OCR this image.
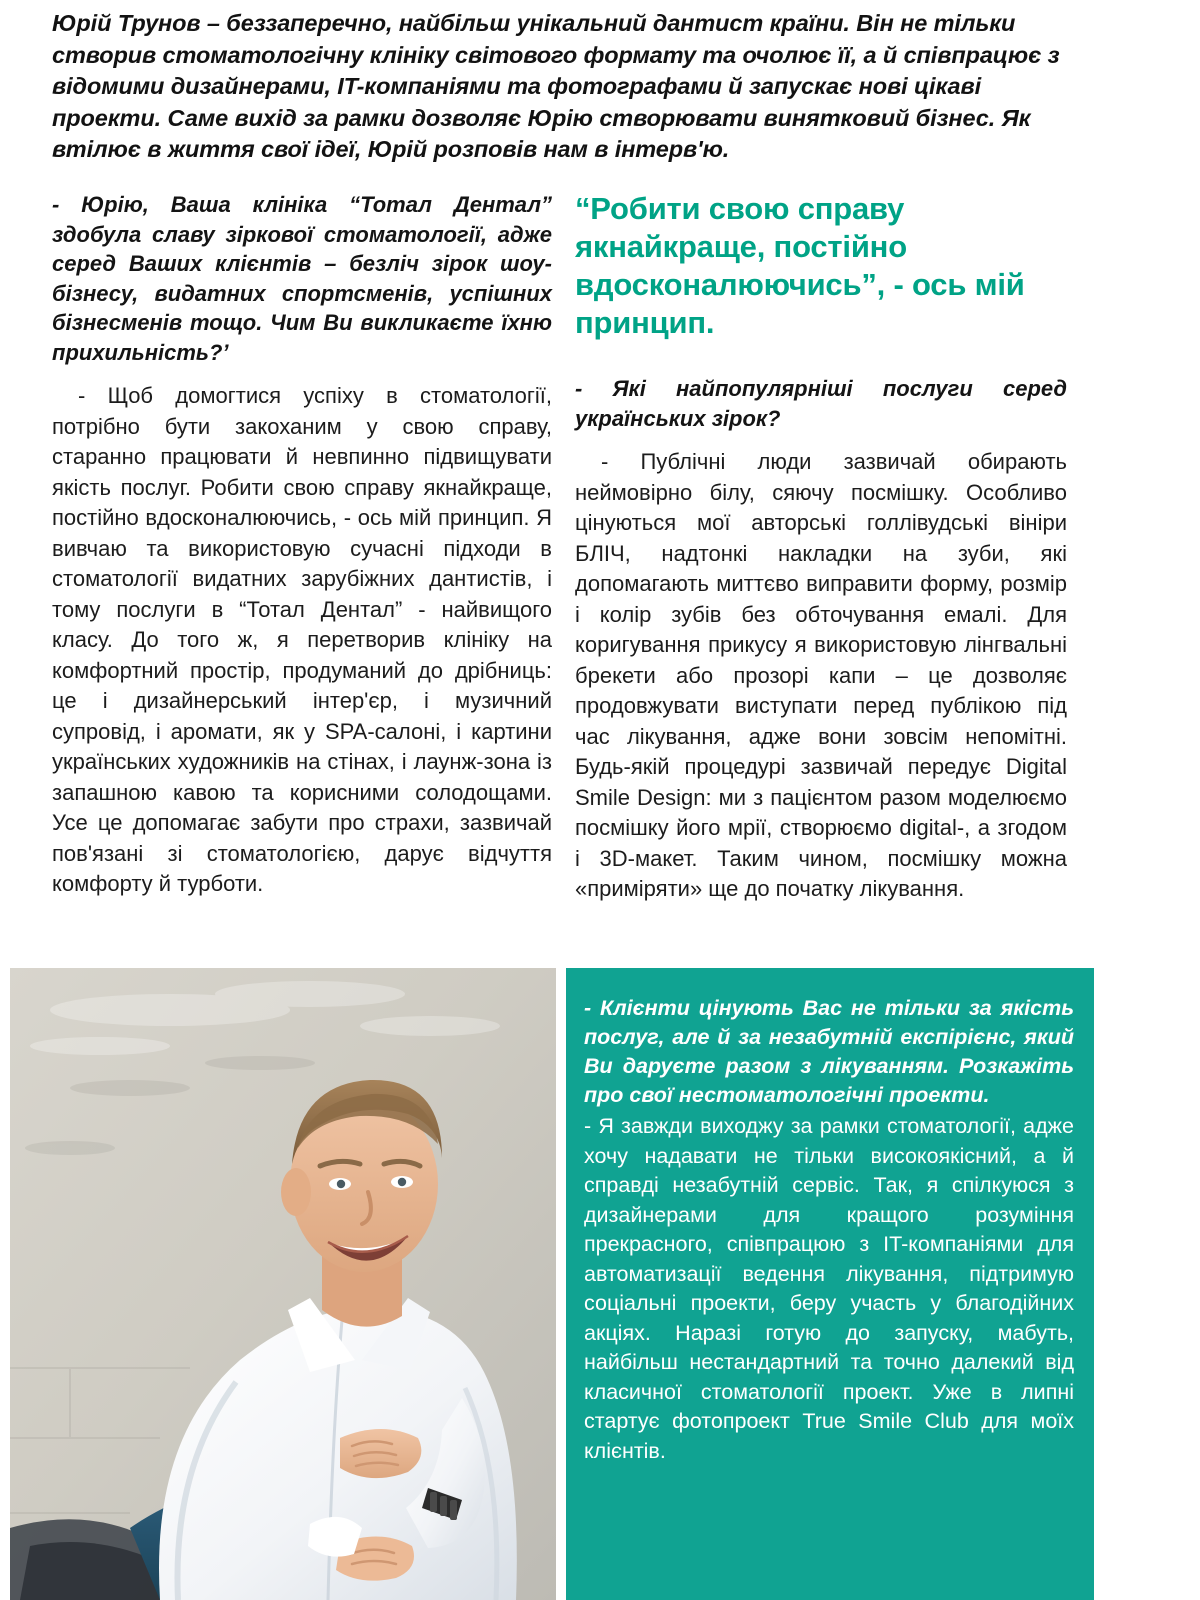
Юрій Трунов – беззаперечно, найбільш унікальний дантист країни. Він не тільки створив стоматологічну клініку світового формату та очолює її, а й співпрацює з відомими дизайнерами, IT-компаніями та фотографами й запускає нові цікаві проекти. Саме вихід за рамки дозволяє Юрію створювати винятковий бізнес. Як втілює в життя свої ідеї, Юрій розповів нам в інтерв'ю.

- Юрію, Ваша клініка “Тотал Дентал” здобула славу зіркової стоматології, адже серед Ваших клієнтів – безліч зірок шоу-бізнесу, видатних спортсменів, успішних бізнесменів тощо. Чим Ви викликаєте їхню прихильність?’

- Щоб домогтися успіху в стоматології, потрібно бути закоханим у свою справу, старанно працювати й невпинно підвищувати якість послуг. Робити свою справу якнайкраще, постійно вдосконалюючись, - ось мій принцип. Я вивчаю та використовую сучасні підходи в стоматології видатних зарубіжних дантистів, і тому послуги в “Тотал Дентал” - найвищого класу. До того ж, я перетворив клініку на комфортний простір, продуманий до дрібниць: це і дизайнерський інтер'єр, і музичний супровід, і аромати, як у SPA-салоні, і картини українських художників на стінах, і лаунж-зона із запашною кавою та корисними солодощами. Усе це допомагає забути про страхи, зазвичай пов'язані зі стоматологією, дарує відчуття комфорту й турботи.

“Робити свою справу якнайкраще, постійно вдосконалюючись”, - ось мій принцип.

- Які найпопулярніші послуги серед українських зірок?

- Публічні люди зазвичай обирають неймовірно білу, сяючу посмішку. Особливо цінуються мої авторські голлівудські вініри БЛІЧ, надтонкі накладки на зуби, які допомагають миттєво виправити форму, розмір і колір зубів без обточування емалі. Для коригування прикусу я використовую лінгвальні брекети або прозорі капи – це дозволяє продовжувати виступати перед публікою під час лікування, адже вони зовсім непомітні. Будь-якій процедурі зазвичай передує Digital Smile Design: ми з пацієнтом разом моделюємо посмішку його мрії, створюємо digital-, а згодом і 3D-макет. Таким чином, посмішку можна «приміряти» ще до початку лікування.

- Клієнти цінують Вас не тільки за якість послуг, але й за незабутній експірієнс, який Ви даруєте разом з лікуванням. Розкажіть про свої нестоматологічні проекти.

- Я завжди виходжу за рамки стоматології, адже хочу надавати не тільки високоякісний, а й справді незабутній сервіс. Так, я спілкуюся з дизайнерами для кращого розуміння прекрасного, співпрацюю з IT-компаніями для автоматизації ведення лікування, підтримую соціальні проекти, беру участь у благодійних акціях. Наразі готую до запуску, мабуть, найбільш нестандартний та точно далекий від класичної стоматології проект. Уже в липні стартує фотопроект True Smile Club для моїх клієнтів.
